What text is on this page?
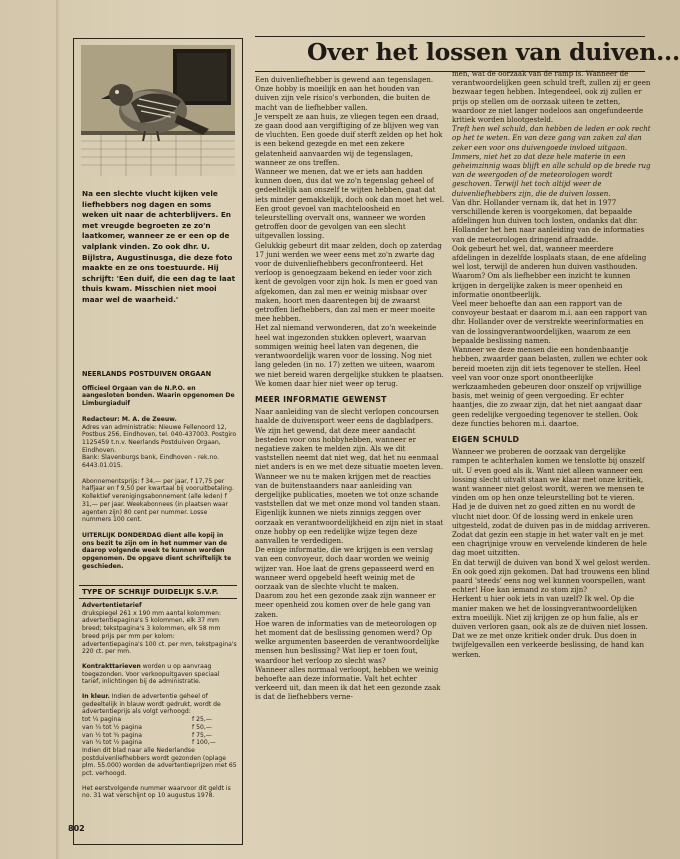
Na een slechte vlucht kijken vele liefhebbers nog dagen en soms weken uit naar de achterblijvers. En met vreugde begroeten ze zo'n laatkomer, wanneer ze er een op de valplank vinden. Zo ook dhr. U. Bijlstra, Augustinusga, die deze foto maakte en ze ons toestuurde. Hij schrijft: 'Een duif, die een dag te laat thuis kwam. Misschien niet mooi maar wel de waarheid.'
NEERLANDS POSTDUIVEN ORGAAN
Officieel Orgaan van de N.P.O. en aangesloten bonden. Waarin opgenomen De Limburgiaduif
Redacteur: M. A. de Zeeuw.
Adres van administratie: Nieuwe Fellenoord 12, Postbus 256, Eindhoven, tel. 040-437003. Postgiro 1125459 t.n.v. Neerlands Postduiven Orgaan, Eindhoven.
Bank: Slavenburgs bank, Eindhoven - rek.no. 6443.01.015.
Abonnementsprijs: f 34,— per jaar, f 17,75 per halfjaar en f 9,50 per kwartaal bij vooruitbetaling. Kollektief verenigingsabonnement (alle leden) f 31,— per jaar. Weekabonnees (in plaatsen waar agenten zijn) 80 cent per nummer. Losse nummers 100 cent.
UITERLIJK DONDERDAG dient alle kopij in ons bezit te zijn om in het nummer van de daarop volgende week te kunnen worden opgenomen. De opgave dient schriftelijk te geschieden.
TYPE OF SCHRIJF DUIDELIJK S.V.P.
Advertentietarief
drukspiegel 261 x 190 mm aantal kolommen: advertentiepagina's 5 kolommen, elk 37 mm breed; tekstpagina's 3 kolommen, elk 58 mm breed prijs per mm per kolom: advertentiepagina's 100 ct. per mm, tekstpagina's 220 ct. per mm.
Kontrakttarieven worden u op aanvraag toegezonden. Voor verkoopuitgaven speciaal tarief, inlichtingen bij de administratie.
In kleur. Indien de advertentie geheel of gedeeltelijk in blauw wordt gedrukt, wordt de advertentieprijs als volgt verhoogd:
tot ¼ pagina	f 25,—
van ¼ tot ½ pagina	f 50,—
van ½ tot ¾ pagina	f 75,—
van ¾ tot ½ pagina	f 100,—
Indien dit blad naar alle Nederlandse postduivenliefhebbers wordt gezonden (oplage plm. 55.000) worden de advertentieprijzen met 65 pct. verhoogd.
Het eerstvolgende nummer waarvoor dit geldt is no. 31 wat verschijnt op 10 augustus 1978.
802
Over het lossen van duiven...

Een duivenliefhebber is gewend aan tegenslagen. Onze hobby is moeilijk en aan het houden van duiven zijn vele risico's verbonden, die buiten de macht van de liefhebber vallen.

Je verspelt ze aan huis, ze vliegen tegen een draad, ze gaan dood aan vergiftiging of ze blijven weg van de vluchten. Een goede duif sterft zelden op het hok is een bekend gezegde en met een zekere gelatenheid aanvaarden wij de tegenslagen, wanneer ze ons treffen.

Wanneer we menen, dat we er iets aan hadden kunnen doen, dus dat we zo'n tegenslag geheel of gedeeltelijk aan onszelf te wijten hebben, gaat dat iets minder gemakkelijk, doch ook dan moet het wel.

Een groot gevoel van machteloosheid en teleurstelling overvalt ons, wanneer we worden getroffen door de gevolgen van een slecht uitgevallen lossing.

Gelukkig gebeurt dit maar zelden, doch op zaterdag 17 juni werden we weer eens met zo'n zwarte dag voor de duivenliefhebbers geconfronteerd. Het verloop is genoegzaam bekend en ieder voor zich kent de gevolgen voor zijn hok. Is men er goed van afgekomen, dan zal men er weinig misbaar over maken, hoort men daarentegen bij de zwaarst getroffen liefhebbers, dan zal men er meer moeite mee hebben.

Het zal niemand verwonderen, dat zo'n weekeinde heel wat ingezonden stukken oplevert, waarvan sommigen weinig heel laten van degenen, die verantwoordelijk waren voor de lossing. Nog niet lang geleden (in no. 17) zetten we uiteen, waarom we niet bereid waren dergelijke stukken te plaatsen. We komen daar hier niet weer op terug.

MEER INFORMATIE GEWENST

Naar aanleiding van de slecht verlopen concoursen haalde de duivensport weer eens de dagbladpers. We zijn het gewend, dat deze meer aandacht besteden voor ons hobbyhebben, wanneer er negatieve zaken te melden zijn. Als we dit vaststellen neemt dat niet weg, dat het nu eenmaal niet anders is en we met deze situatie moeten leven.

Wanneer we nu te maken krijgen met de reacties van de buitenstaanders naar aanleiding van dergelijke publicaties, moeten we tot onze schande vaststellen dat we met onze mond vol tanden staan. Eigenlijk kunnen we niets zinnigs zeggen over oorzaak en verantwoordelijkheid en zijn niet in staat onze hobby op een redelijke wijze tegen deze aanvallen te verdedigen.

De enige informatie, die we krijgen is een verslag van een convoyeur, doch daar worden we weinig wijzer van. Hoe laat de grens gepasseerd werd en wanneer werd opgebeld heeft weinig met de oorzaak van de slechte vlucht te maken.

Daarom zou het een gezonde zaak zijn wanneer er meer openheid zou komen over de hele gang van zaken.

Hoe waren de informaties van de meteorologen op het moment dat de beslissing genomen werd? Op welke argumenten baseerden de verantwoordelijke mensen hun beslissing? Wat liep er toen fout, waardoor het verloop zo slecht was?

Wanneer alles normaal verloopt, hebben we weinig behoefte aan deze informatie. Valt het echter verkeerd uit, dan meen ik dat het een gezonde zaak is dat de liefhebbers verne-

men, wat de oorzaak van de ramp is. Wanneer de verantwoordelijken geen schuld treft, zullen zij er geen bezwaar tegen hebben. Integendeel, ook zij zullen er prijs op stellen om de oorzaak uiteen te zetten, waardoor ze niet langer nodeloos aan ongefundeerde kritiek worden blootgesteld.

Treft hen wel schuld, dan hebben de leden er ook recht op het te weten. En van deze gang van zaken zal dan zeker een voor ons duivengoede invloed uitgaan. Immers, niet het zo dat deze hele materie in een geheimzinnig waas blijft en alle schuld op de brede rug van de weergoden of de meteorologen wordt geschoven. Terwijl het toch altijd weer de duivenliefhebbers zijn, die de duiven lossen.

Van dhr. Hollander vernam ik, dat het in 1977 verschillende keren is voorgekomen, dat bepaalde afdelingen hun duiven toch losten, ondanks dat dhr. Hollander het hen naar aanleiding van de informaties van de meteorologen dringend afraadde.

Ook gebeurt het wel, dat, wanneer meerdere afdelingen in dezelfde losplaats staan, de ene afdeling wel lost, terwijl de anderen hun duiven vasthouden. Waarom? Om als liefhebber een inzicht te kunnen krijgen in dergelijke zaken is meer openheid en informatie onontbeerlijk.

Veel meer behoefte dan aan een rapport van de convoyeur bestaat er daarom m.i. aan een rapport van dhr. Hollander over de verstrekte weerinformaties en van de lossingverantwoordelijken, waarom ze een bepaalde beslissing namen.

Wanneer we deze mensen die een hondenbaantje hebben, zwaarder gaan belasten, zullen we echter ook bereid moeten zijn dit iets tegenover te stellen. Heel veel van voor onze sport onontbeerlijke werkzaamheden gebeuren door onszelf op vrijwillige basis, met weinig of geen vergoeding. Er echter haantjes, die zo zwaar zijn, dat het niet aangaat daar geen redelijke vergoeding tegenover te stellen. Ook deze functies behoren m.i. daartoe.

EIGEN SCHULD

Wanneer we proberen de oorzaak van dergelijke rampen te achterhalen komen we tenslotte bij onszelf uit. U even goed als ik. Want niet alleen wanneer een lossing slecht uitvalt staan we klaar met onze kritiek, want wanneer niet gelost wordt, weren we mensen te vinden om op hen onze teleurstelling bot te vieren.

Had je de duiven net zo goed zitten en nu wordt de vlucht niet door. Of de lossing werd in enkele uren uitgesteld, zodat de duiven pas in de middag arriveren. Zodat dat gezin een stapje in het water valt en je met een chagrijnige vrouw en vervelende kinderen de hele dag moet uitzitten.

En dat terwijl de duiven van bond X wel gelost werden. En ook goed zijn gekomen. Dat had trouwens een blind paard 'steeds' eens nog wel kunnen voorspellen, want echter! Hoe kan iemand zo stom zijn?

Herkent u hier ook iets in van uzelf? Ik wel. Op die manier maken we het de lossingverantwoordelijken extra moeilijk. Niet zij krijgen ze op hun falie, als er duiven verloren gaan, ook als ze de duiven niet lossen. Dat we ze met onze kritiek onder druk. Dus doen in twijfelgevallen een verkeerde beslissing, de hand kan werken.
